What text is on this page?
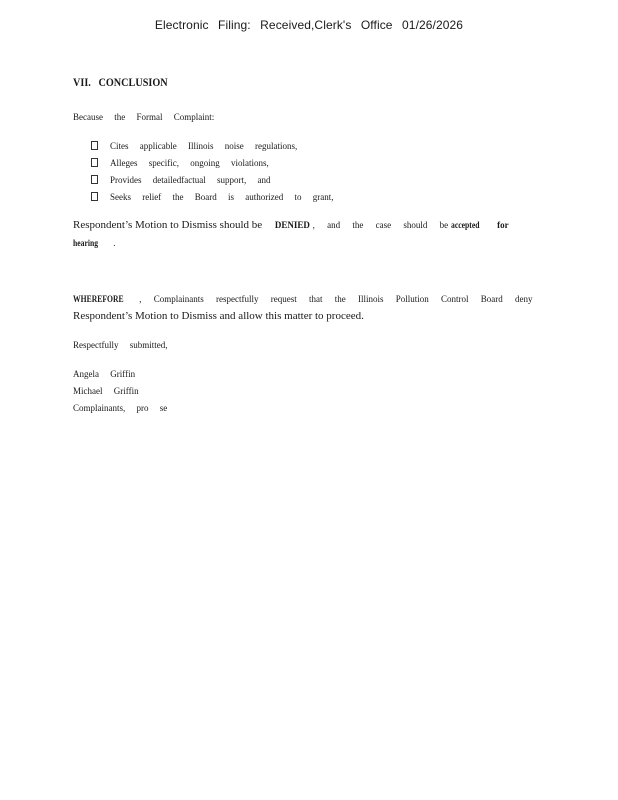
Electronic Filing: Received,Clerk's Office 01/26/2026
VII. CONCLUSION
Because the Formal Complaint:
Cites applicable Illinois noise regulations,
Alleges specific, ongoing violations,
Provides detailedfactual support, and
Seeks relief the Board is authorized to grant,
Respondent’s Motion to Dismiss should be DENIED , and the case should be accepted for
hearing .
WHEREFORE , Complainants respectfully request that the Illinois Pollution Control Board deny
Respondent’s Motion to Dismiss and allow this matter to proceed.
Respectfully submitted,
Angela Griffin
Michael Griffin
Complainants, pro se
